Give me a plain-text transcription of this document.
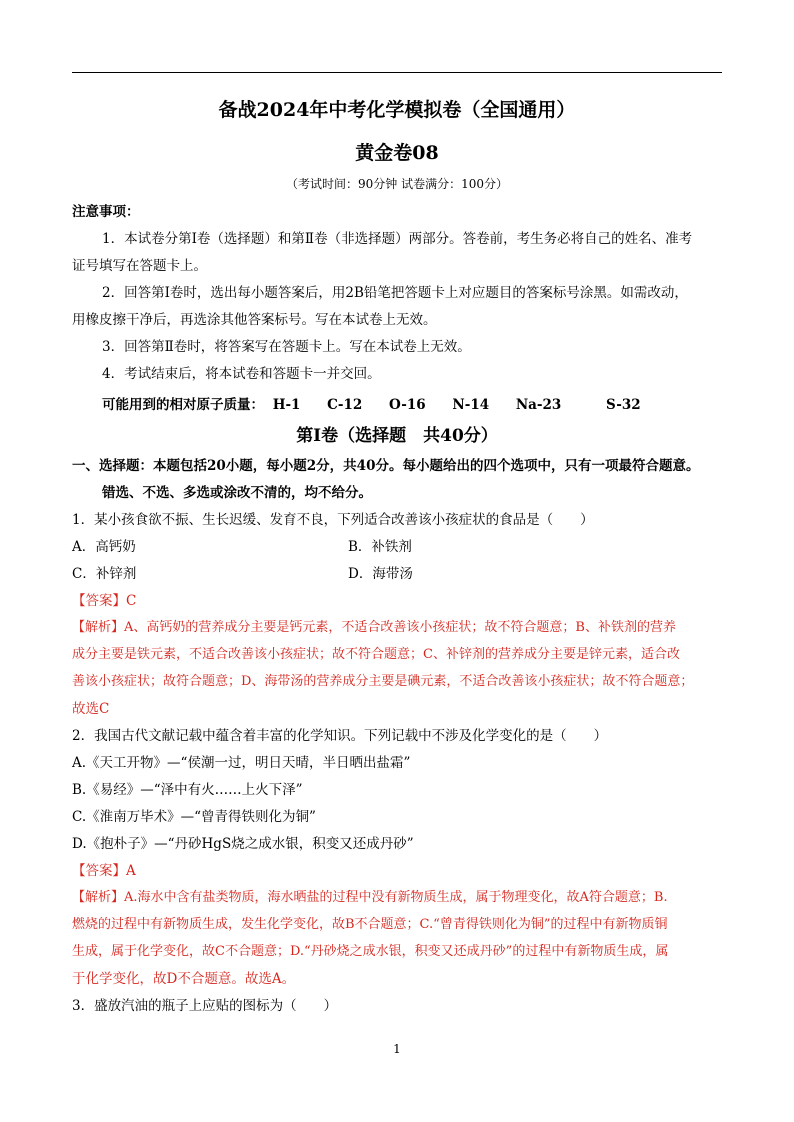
备战2024年中考化学模拟卷（全国通用）
黄金卷08
（考试时间：90分钟 试卷满分：100分）
注意事项：
1．本试卷分第Ⅰ卷（选择题）和第Ⅱ卷（非选择题）两部分。答卷前，考生务必将自己的姓名、准考
证号填写在答题卡上。
2．回答第Ⅰ卷时，选出每小题答案后，用2B铅笔把答题卡上对应题目的答案标号涂黑。如需改动，
用橡皮擦干净后，再选涂其他答案标号。写在本试卷上无效。
3．回答第Ⅱ卷时，将答案写在答题卡上。写在本试卷上无效。
4．考试结束后，将本试卷和答题卡一并交回。
可能用到的相对原子质量： H-1 C-12 O-16 N-14 Na-23	S-32
第Ⅰ卷（选择题　共40分）
一、选择题：本题包括20小题，每小题2分，共40分。每小题给出的四个选项中，只有一项最符合题意。
错选、不选、多选或涂改不清的，均不给分。
1．某小孩食欲不振、生长迟缓、发育不良，下列适合改善该小孩症状的食品是（　　）
A．高钙奶	B．补铁剂
C．补锌剂	D．海带汤
【答案】C
【解析】A、高钙奶的营养成分主要是钙元素，不适合改善该小孩症状；故不符合题意；B、补铁剂的营养
成分主要是铁元素，不适合改善该小孩症状；故不符合题意；C、补锌剂的营养成分主要是锌元素，适合改
善该小孩症状；故符合题意；D、海带汤的营养成分主要是碘元素，不适合改善该小孩症状；故不符合题意；
故选C
2．我国古代文献记载中蕴含着丰富的化学知识。下列记载中不涉及化学变化的是（　　）
A.《天工开物》—“侯潮一过，明日天晴，半日晒出盐霜”
B.《易经》—“泽中有火……上火下泽”
C.《淮南万毕术》—“曾青得铁则化为铜”
D.《抱朴子》—“丹砂HgS烧之成水银，积变又还成丹砂”
【答案】A
【解析】A.海水中含有盐类物质，海水晒盐的过程中没有新物质生成，属于物理变化，故A符合题意；B.
燃烧的过程中有新物质生成，发生化学变化，故B不合题意；C.“曾青得铁则化为铜”的过程中有新物质铜
生成，属于化学变化，故C不合题意；D.“丹砂烧之成水银，积变又还成丹砂”的过程中有新物质生成，属
于化学变化，故D不合题意。故选A。
3．盛放汽油的瓶子上应贴的图标为（　　）
1
